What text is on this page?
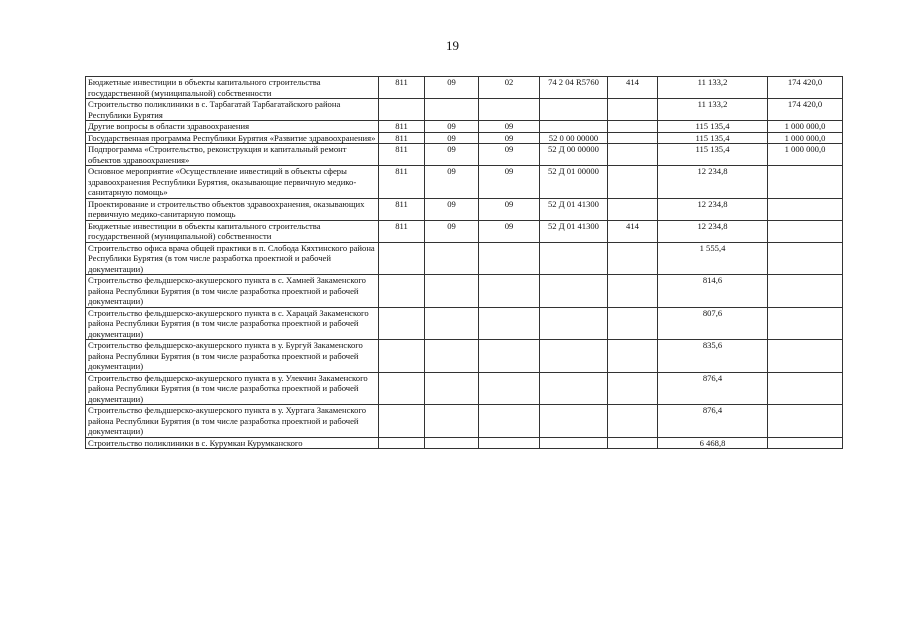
19
Бюджетные инвестиции в объекты капитального строительства государственной (муниципальной) собственности	811	09	02	74 2 04 R5760	414	11 133,2	174 420,0
Строительство поликлиники в с. Тарбагатай Тарбагатайского района Республики Бурятия						11 133,2	174 420,0
Другие вопросы в области здравоохранения	811	09	09			115 135,4	1 000 000,0
Государственная программа Республики Бурятия «Развитие здравоохранения»	811	09	09	52 0 00 00000		115 135,4	1 000 000,0
Подпрограмма «Строительство, реконструкция и капитальный ремонт объектов здравоохранения»	811	09	09	52 Д 00 00000		115 135,4	1 000 000,0
Основное мероприятие «Осуществление инвестиций в объекты сферы здравоохранения Республики Бурятия, оказывающие первичную медико-санитарную помощь»	811	09	09	52 Д 01 00000		12 234,8	
Проектирование и строительство объектов здравоохранения, оказывающих первичную медико-санитарную помощь	811	09	09	52 Д 01 41300		12 234,8	
Бюджетные инвестиции в объекты капитального строительства государственной (муниципальной) собственности	811	09	09	52 Д 01 41300	414	12 234,8	
Строительство офиса врача общей практики в п. Слобода Кяхтинского района Республики Бурятия (в том числе разработка проектной и рабочей документации)						1 555,4	
Строительство фельдшерско-акушерского пункта в с. Хамней Закаменского района Республики Бурятия (в том числе разработка проектной и рабочей документации)						814,6	
Строительство фельдшерско-акушерского пункта в с. Харацай Закаменского района Республики Бурятия (в том числе разработка проектной и рабочей документации)						807,6	
Строительство фельдшерско-акушерского пункта в у. Бургуй Закаменского района Республики Бурятия (в том числе разработка проектной и рабочей документации)						835,6	
Строительство фельдшерско-акушерского пункта в у. Улекчин Закаменского района Республики Бурятия (в том числе разработка проектной и рабочей документации)						876,4	
Строительство фельдшерско-акушерского пункта в у. Хуртага Закаменского района Республики Бурятия (в том числе разработка проектной и рабочей документации)						876,4	
Строительство поликлиники в с. Курумкан Курумканского						6 468,8	
